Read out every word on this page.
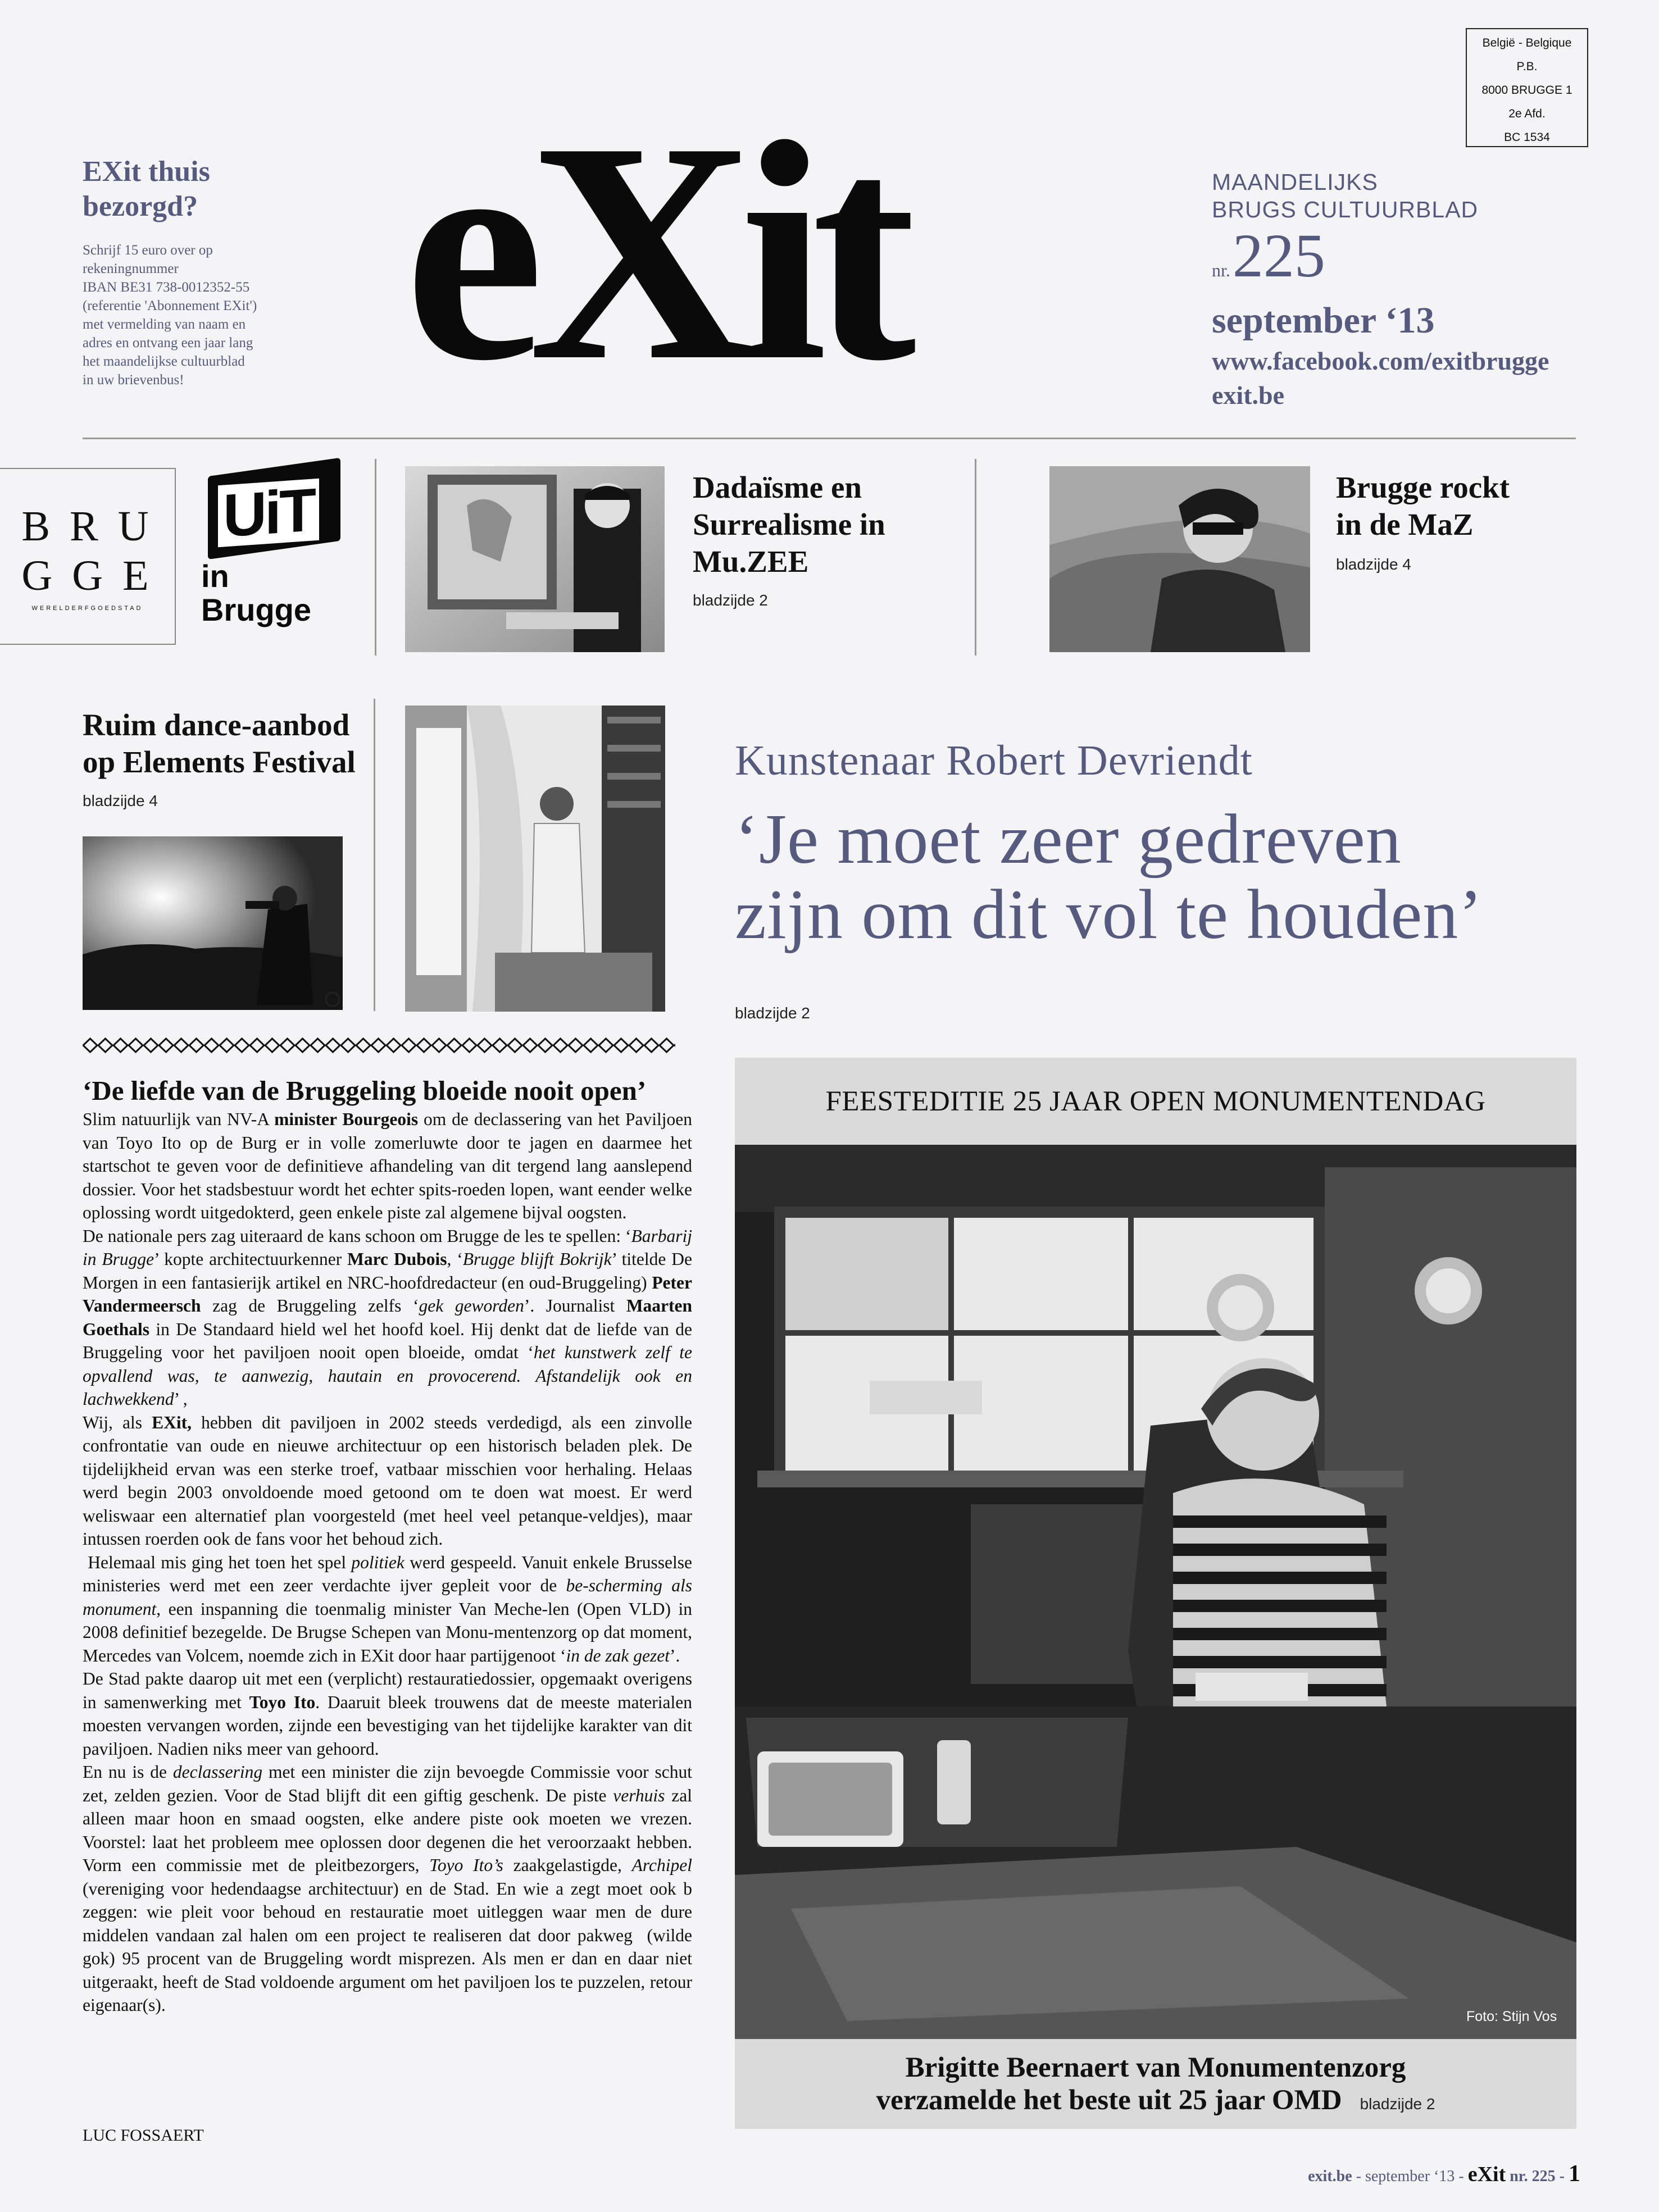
België - Belgique
P.B.
8000 BRUGGE 1
2e Afd.
BC 1534
EXit thuis
bezorgd?
Schrijf 15 euro over op
rekeningnummer
IBAN BE31 738-0012352-55
(referentie 'Abonnement EXit')
met vermelding van naam en
adres en ontvang een jaar lang
het maandelijkse cultuurblad
in uw brievenbus! eXit	MAANDELIJKS
BRUGS CULTUURBLAD
nr. 225
september ‘13
www.facebook.com/exitbrugge
exit.be
B R U
G G E
WERELDERFGOEDSTAD
UiT
in Brugge
Dadaïsme en
Surrealisme in
Mu.ZEE
bladzijde 2
Brugge rockt
in de MaZ
bladzijde 4
Ruim dance-aanbod
op Elements Festival
bladzijde 4
Kunstenaar Robert Devriendt
‘Je moet zeer gedreven
zijn om dit vol te houden’
bladzijde 2
‘De liefde van de Bruggeling bloeide nooit open’

Slim natuurlijk van NV-A minister Bourgeois om de declassering van het Paviljoen van Toyo Ito op de Burg er in volle zomerluwte door te jagen en daarmee het startschot te geven voor de definitieve afhandeling van dit tergend lang aanslepend dossier. Voor het stadsbestuur wordt het echter spits-roeden lopen, want eender welke oplossing wordt uitgedokterd, geen enkele piste zal algemene bijval oogsten.

De nationale pers zag uiteraard de kans schoon om Brugge de les te spellen: ‘Barbarij in Brugge’ kopte architectuurkenner Marc Dubois, ‘Brugge blijft Bokrijk’ titelde De Morgen in een fantasierijk artikel en NRC-hoofdredacteur (en oud-Bruggeling) Peter Vandermeersch zag de Bruggeling zelfs ‘gek geworden’. Journalist Maarten Goethals in De Standaard hield wel het hoofd koel. Hij denkt dat de liefde van de Bruggeling voor het paviljoen nooit open bloeide, omdat ‘het kunstwerk zelf te opvallend was, te aanwezig, hautain en provocerend. Afstandelijk ook en lachwekkend’ ,

Wij, als EXit, hebben dit paviljoen in 2002 steeds verdedigd, als een zinvolle confrontatie van oude en nieuwe architectuur op een historisch beladen plek. De tijdelijkheid ervan was een sterke troef, vatbaar misschien voor herhaling. Helaas werd begin 2003 onvoldoende moed getoond om te doen wat moest. Er werd weliswaar een alternatief plan voorgesteld (met heel veel petanque-veldjes), maar intussen roerden ook de fans voor het behoud zich.

Helemaal mis ging het toen het spel politiek werd gespeeld. Vanuit enkele Brusselse ministeries werd met een zeer verdachte ijver gepleit voor de be-scherming als monument, een inspanning die toenmalig minister Van Meche-len (Open VLD) in 2008 definitief bezegelde. De Brugse Schepen van Monu-mentenzorg op dat moment, Mercedes van Volcem, noemde zich in EXit door haar partijgenoot ‘in de zak gezet’.

De Stad pakte daarop uit met een (verplicht) restauratiedossier, opgemaakt overigens in samenwerking met Toyo Ito. Daaruit bleek trouwens dat de meeste materialen moesten vervangen worden, zijnde een bevestiging van het tijdelijke karakter van dit paviljoen. Nadien niks meer van gehoord.

En nu is de declassering met een minister die zijn bevoegde Commissie voor schut zet, zelden gezien. Voor de Stad blijft dit een giftig geschenk. De piste verhuis zal alleen maar hoon en smaad oogsten, elke andere piste ook moeten we vrezen. Voorstel: laat het probleem mee oplossen door degenen die het veroorzaakt hebben. Vorm een commissie met de pleitbezorgers, Toyo Ito’s zaakgelastigde, Archipel (vereniging voor hedendaagse architectuur) en de Stad. En wie a zegt moet ook b zeggen: wie pleit voor behoud en restauratie moet uitleggen waar men de dure middelen vandaan zal halen om een project te realiseren dat door pakweg  (wilde gok) 95 procent van de Bruggeling wordt misprezen. Als men er dan en daar niet uitgeraakt, heeft de Stad voldoende argument om het paviljoen los te puzzelen, retour eigenaar(s).

LUC FOSSAERT
FEESTEDITIE 25 JAAR OPEN MONUMENTENDAG
Foto: Stijn Vos
Brigitte Beernaert van Monumentenzorg
verzamelde het beste uit 25 jaar OMD bladzijde 2
exit.be - september ‘13 - eXit nr. 225 - 1
